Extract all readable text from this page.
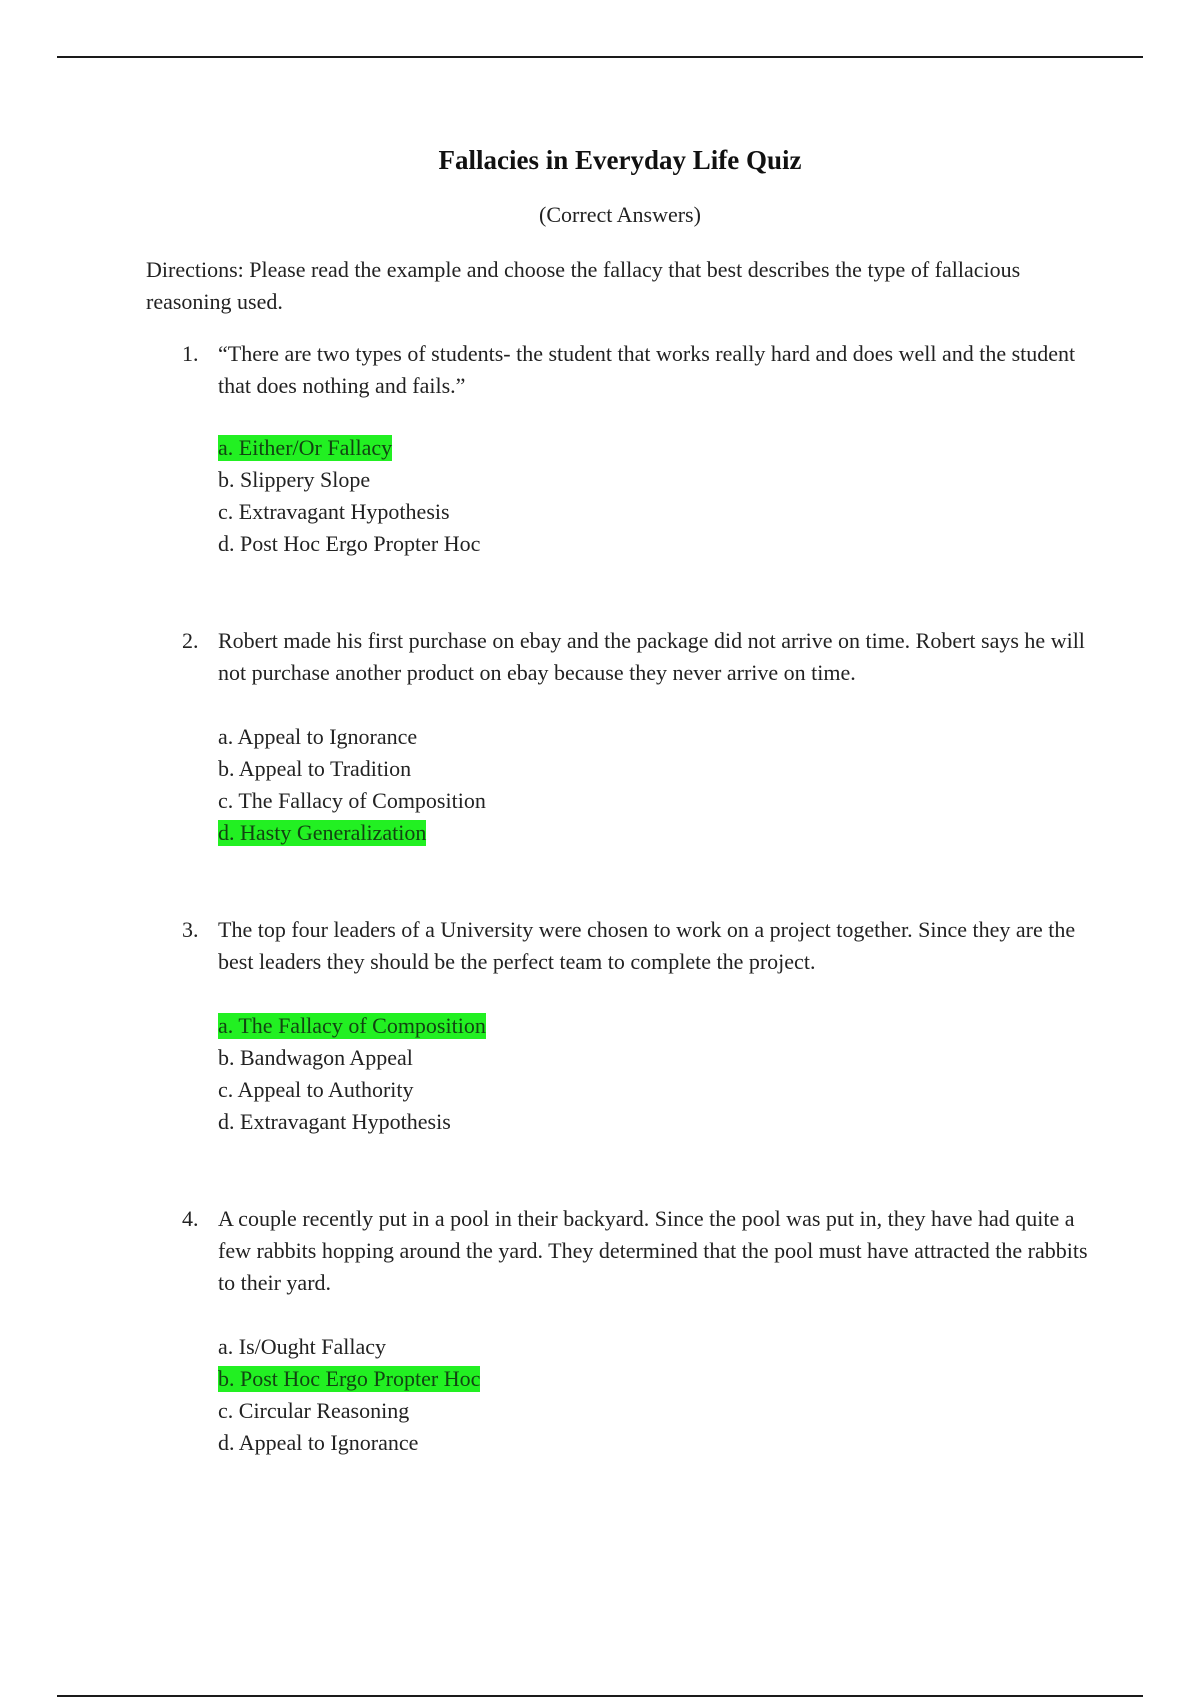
Fallacies in Everyday Life Quiz
(Correct Answers)
Directions: Please read the example and choose the fallacy that best describes the type of fallacious reasoning used.
1. “There are two types of students- the student that works really hard and does well and the student that does nothing and fails.”
a. Either/Or Fallacy
b. Slippery Slope
c. Extravagant Hypothesis
d. Post Hoc Ergo Propter Hoc
2. Robert made his first purchase on ebay and the package did not arrive on time. Robert says he will not purchase another product on ebay because they never arrive on time.
a. Appeal to Ignorance
b. Appeal to Tradition
c. The Fallacy of Composition
d. Hasty Generalization
3. The top four leaders of a University were chosen to work on a project together. Since they are the best leaders they should be the perfect team to complete the project.
a. The Fallacy of Composition
b. Bandwagon Appeal
c. Appeal to Authority
d. Extravagant Hypothesis
4. A couple recently put in a pool in their backyard. Since the pool was put in, they have had quite a few rabbits hopping around the yard. They determined that the pool must have attracted the rabbits to their yard.
a. Is/Ought Fallacy
b. Post Hoc Ergo Propter Hoc
c. Circular Reasoning
d. Appeal to Ignorance
